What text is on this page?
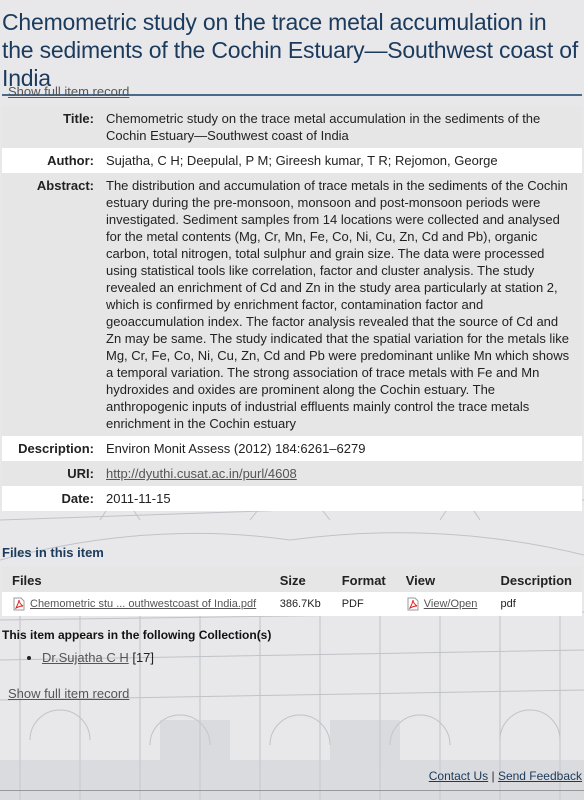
Chemometric study on the trace metal accumulation in the sediments of the Cochin Estuary—Southwest coast of India
Show full item record
Title:	Chemometric study on the trace metal accumulation in the sediments of the Cochin Estuary—Southwest coast of India
Author:	Sujatha, C H; Deepulal, P M; Gireesh kumar, T R; Rejomon, George
Abstract:	The distribution and accumulation of trace metals in the sediments of the Cochin estuary during the pre-monsoon, monsoon and post-monsoon periods were investigated. Sediment samples from 14 locations were collected and analysed for the metal contents (Mg, Cr, Mn, Fe, Co, Ni, Cu, Zn, Cd and Pb), organic carbon, total nitrogen, total sulphur and grain size. The data were processed using statistical tools like correlation, factor and cluster analysis. The study revealed an enrichment of Cd and Zn in the study area particularly at station 2, which is confirmed by enrichment factor, contamination factor and geoaccumulation index. The factor analysis revealed that the source of Cd and Zn may be same. The study indicated that the spatial variation for the metals like Mg, Cr, Fe, Co, Ni, Cu, Zn, Cd and Pb were predominant unlike Mn which shows a temporal variation. The strong association of trace metals with Fe and Mn hydroxides and oxides are prominent along the Cochin estuary. The anthropogenic inputs of industrial effluents mainly control the trace metals enrichment in the Cochin estuary
Description:	Environ Monit Assess (2012) 184:6261–6279
URI:	http://dyuthi.cusat.ac.in/purl/4608
Date:	2011-11-15
Files in this item
Files	Size	Format	View	Description
Chemometric stu ... outhwestcoast of India.pdf	386.7Kb	PDF	View/Open	pdf
This item appears in the following Collection(s)
• Dr.Sujatha C H [17]
Show full item record
Contact Us | Send Feedback
